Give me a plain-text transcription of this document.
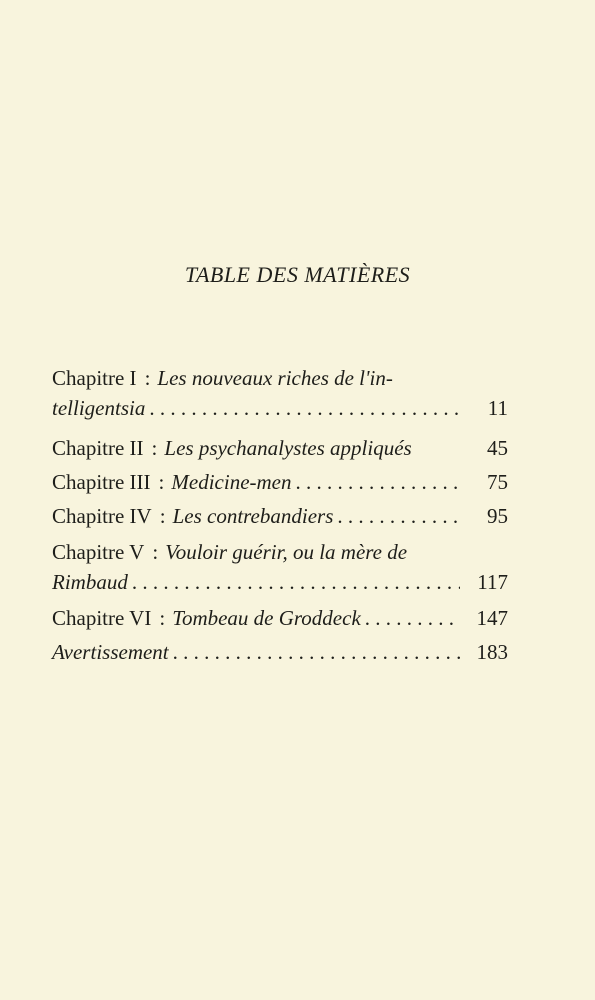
TABLE DES MATIÈRES
Chapitre I : Les nouveaux riches de l'in-
telligentsia . . .	11
Chapitre II : Les psychanalystes appliqués	45
Chapitre III : Medicine-men . . .	75
Chapitre IV : Les contrebandiers . . .	95
Chapitre V : Vouloir guérir, ou la mère de
Rimbaud . . .	117
Chapitre VI : Tombeau de Groddeck . . .	147
Avertissement . . .	183
